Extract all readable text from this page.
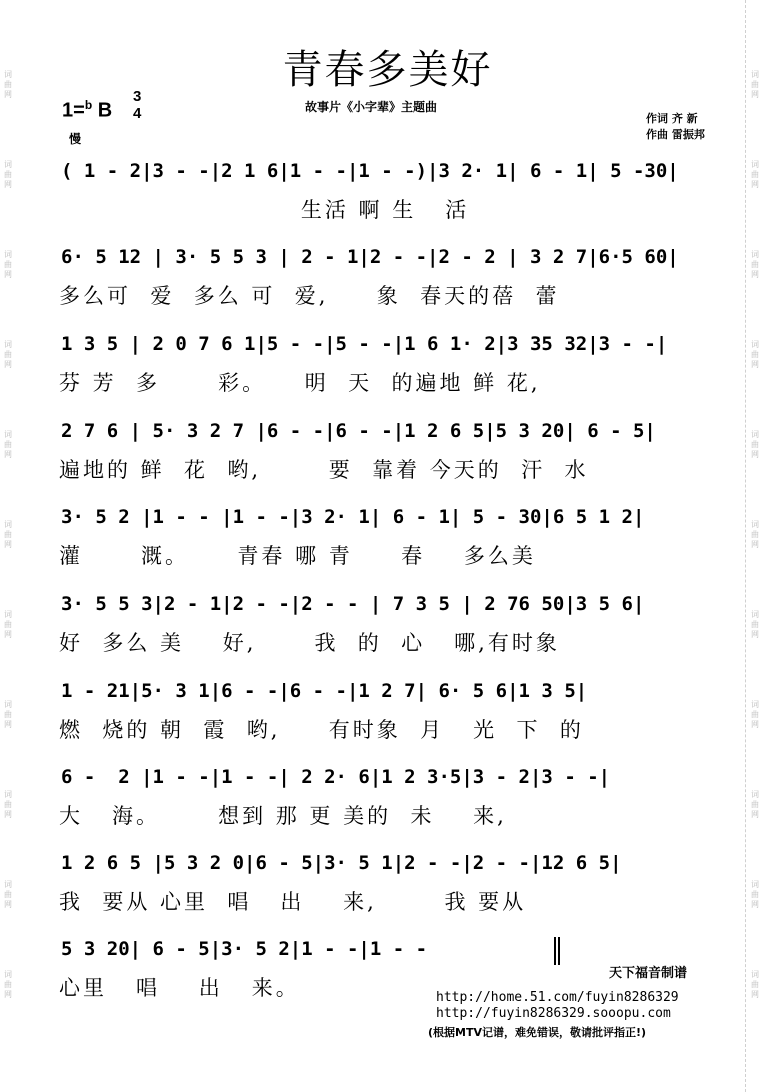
青春多美好
1=$^b$ B
3
4	故事片《小字辈》主题曲
作词 齐 新
作曲 雷振邦
慢
( 1 - 2|3 - -|2 1 6|1 - -|1 - -)|3 2· 1| 6 - 1| 5 -30|
生活 啊 生   活
6· 5 12 | 3· 5 5 3 | 2 - 1|2 - -|2 - 2 | 3 2 7|6·5 60|
多么可  爱  多么 可  爱,     象  春天的蓓  蕾
1 3 5 | 2 0 7 6 1|5 - -|5 - -|1 6 1· 2|3 35 32|3 - -|
芬 芳  多      彩。    明  天  的遍地 鲜 花,
2 7 6 | 5· 3 2 7 |6 - -|6 - -|1 2 6 5|5 3 20| 6 - 5|
遍地的 鲜  花  哟,       要  靠着 今天的  汗  水
3· 5 2 |1 - - |1 - -|3 2· 1| 6 - 1| 5 - 30|6 5 1 2|
灌      溉。     青春 哪 青     春    多么美
3· 5 5 3|2 - 1|2 - -|2 - - | 7 3 5 | 2 76 50|3 5 6|
好  多么 美    好,      我  的  心   哪,有时象
1 - 21|5· 3 1|6 - -|6 - -|1 2 7| 6· 5 6|1 3 5|
燃  烧的 朝  霞  哟,     有时象  月   光  下  的
6 -  2 |1 - -|1 - -| 2 2· 6|1 2 3·5|3 - 2|3 - -|
大   海。      想到 那 更 美的  未    来,
1 2 6 5 |5 3 2 0|6 - 5|3· 5 1|2 - -|2 - -|12 6 5|
我  要从 心里  唱   出    来,       我 要从
5 3 20| 6 - 5|3· 5 2|1 - -|1 - -
心里   唱    出   来。
天下福音制谱
http://home.51.com/fuyin8286329
http://fuyin8286329.sooopu.com
(根据MTV记谱，难免错误，敬请批评指正!)
词
曲
网
词
曲
网
词
曲
网
词
曲
网
词
曲
网
词
曲
网
词
曲
网
词
曲
网
词
曲
网
词
曲
网
词
曲
网
词
曲
网
词
曲
网
词
曲
网
词
曲
网
词
曲
网
词
曲
网
词
曲
网
词
曲
网
词
曲
网
词
曲
网
词
曲
网
